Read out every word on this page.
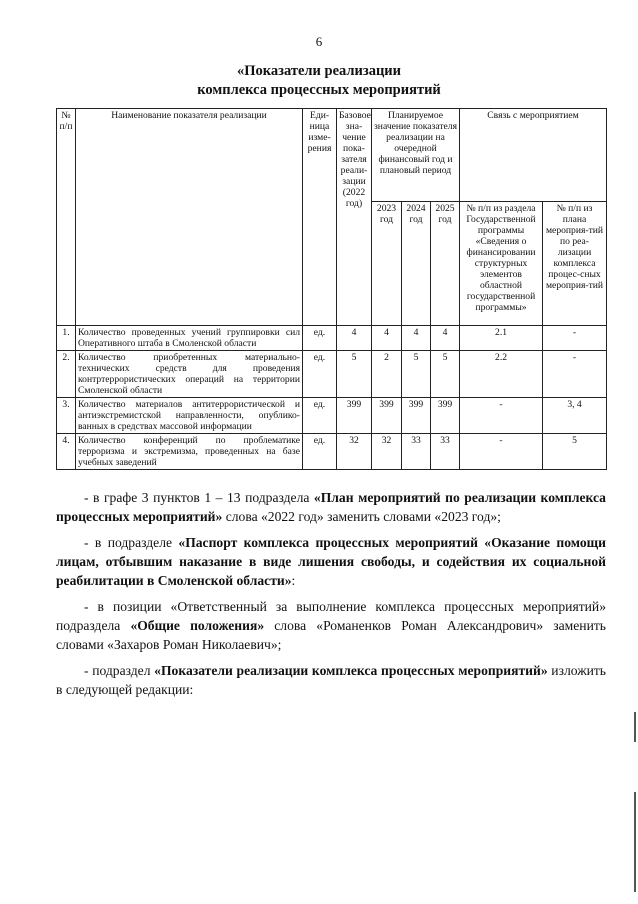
6
«Показатели реализации
комплекса процессных мероприятий
№ п/п	Наименование показателя реализации	Еди-ница изме-рения	Базовое зна-чение пока-зателя реали-зации (2022 год)	Планируемое значение показателя реализации на очередной финансовый год и плановый период			Связь с мероприятием	
				2023 год	2024 год	2025 год	№ п/п из раздела Государственной программы «Сведения о финансировании структурных элементов областной государственной программы»	№ п/п из плана мероприя-тий по реа-лизации комплекса процес-сных мероприя-тий
1.	Количество проведенных учений группировки сил Оперативного штаба в Смоленской области	ед.	4	4	4	4	2.1	-
2.	Количество приобретенных материально-технических средств для проведения контртеррористических операций на территории Смоленской области	ед.	5	2	5	5	2.2	-
3.	Количество материалов антитеррористической и антиэкстремистской направленности, опублико-ванных в средствах массовой информации	ед.	399	399	399	399	-	3, 4
4.	Количество конференций по проблематике терроризма и экстремизма, проведенных на базе учебных заведений	ед.	32	32	33	33	-	5

- в графе 3 пунктов 1 – 13 подраздела «План мероприятий по реализации комплекса процессных мероприятий» слова «2022 год» заменить словами «2023 год»;

- в подразделе «Паспорт комплекса процессных мероприятий «Оказание помощи лицам, отбывшим наказание в виде лишения свободы, и содействия их социальной реабилитации в Смоленской области»:

- в позиции «Ответственный за выполнение комплекса процессных мероприятий» подраздела «Общие положения» слова «Романенков Роман Александрович» заменить словами «Захаров Роман Николаевич»;

- подраздел «Показатели реализации комплекса процессных мероприятий» изложить в следующей редакции:
